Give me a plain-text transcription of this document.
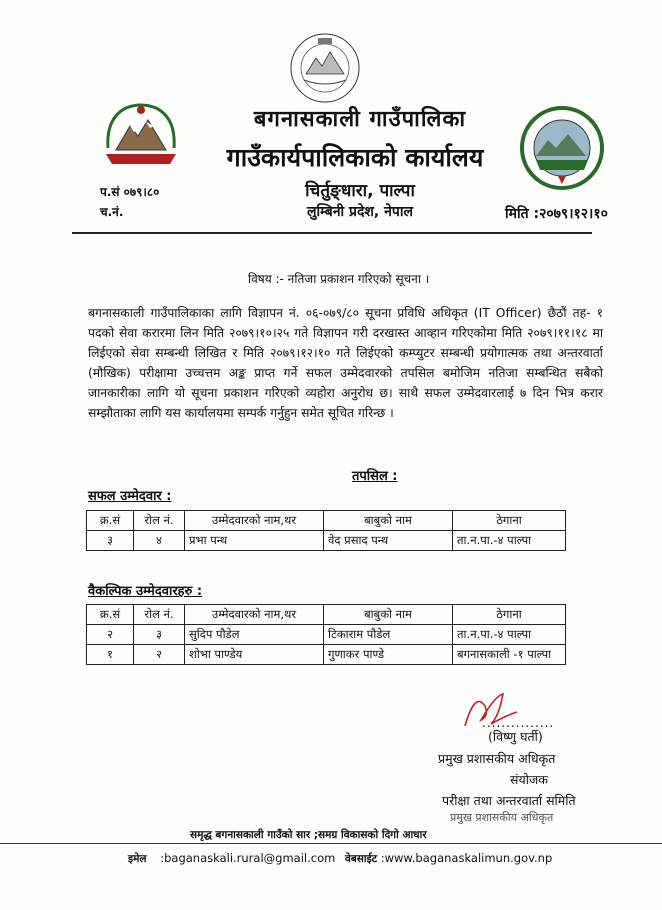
बगनासकाली गाउँपालिका
गाउँकार्यपालिकाको कार्यालय
चिर्तुङ्धारा, पाल्पा
लुम्बिनी प्रदेश, नेपाल
प.सं ०७९।८०
च.नं.	मिति :२०७९।१२।१०
विषय :- नतिजा प्रकाशन गरिएको सूचना ।
बगनासकाली गाउँपालिकाका लागि विज्ञापन नं. ०६-०७९/८० सूचना प्रविधि अधिकृत (IT Officer) छैठौं तह- १ पदको सेवा करारमा लिन मिति २०७९।१०।२५ गते विज्ञापन गरी दरखास्त आव्हान गरिएकोमा मिति २०७९।११।१८ मा लिईएको सेवा सम्बन्धी लिखित र मिति २०७९।१२।१० गते लिईएको कम्प्युटर सम्बन्धी प्रयोगात्मक तथा अन्तरवार्ता (मौखिक) परीक्षामा उच्चत्तम अङ्क प्राप्त गर्ने सफल उम्मेदवारको तपसिल बमोजिम नतिजा सम्बन्धित सबैको जानकारीका लागि यो सूचना प्रकाशन गरिएको व्यहोरा अनुरोध छ। साथै सफल उम्मेदवारलाई ७ दिन भित्र करार सम्झौताका लागि यस कार्यालयमा सम्पर्क गर्नुहुन समेत सूचित गरिन्छ ।
तपसिल :
सफल उम्मेदवार :
क्र.सं	रोल नं.	उम्मेदवारको नाम,थर	बाबुको नाम	ठेगाना
३	४	प्रभा पन्थ	वेद प्रसाद पन्थ	ता.न.पा.-४ पाल्पा
वैकल्पिक उम्मेदवारहरु :
क्र.सं	रोल नं.	उम्मेदवारको नाम,थर	बाबुको नाम	ठेगाना
२	३	सुदिप पौडेल	टिकाराम पौडेल	ता.न.पा.-४ पाल्पा
१	२	शोभा पाण्डेय	गुणाकर पाण्डे	बगनासकाली -१ पाल्पा
...............
(विष्णु घर्ती)
प्रमुख प्रशासकीय अधिकृत
संयोजक
परीक्षा तथा अन्तरवार्ता समिति
प्रमुख प्रशासकीय अधिकृत
समृद्ध बगनासकाली गाउँको सार ;समग्र विकासको दिगो आधार
इमेल :baganaskali.rural@gmail.com वेबसाईट :www.baganaskalimun.gov.np
